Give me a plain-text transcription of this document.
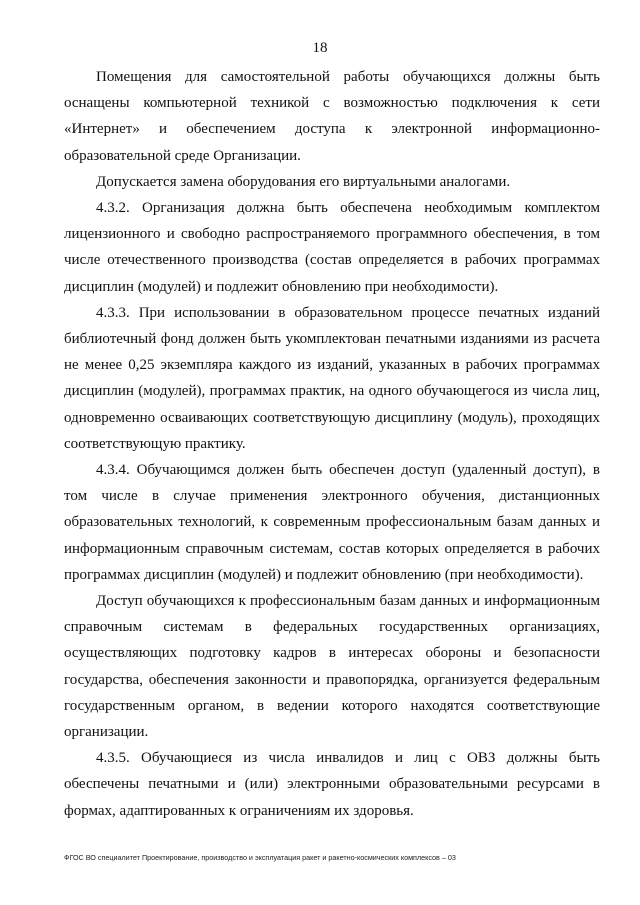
18

Помещения для самостоятельной работы обучающихся должны быть оснащены компьютерной техникой с возможностью подключения к сети «Интернет» и обеспечением доступа к электронной информационно-образовательной среде Организации.

Допускается замена оборудования его виртуальными аналогами.

4.3.2. Организация должна быть обеспечена необходимым комплектом лицензионного и свободно распространяемого программного обеспечения, в том числе отечественного производства (состав определяется в рабочих программах дисциплин (модулей) и подлежит обновлению при необходимости).

4.3.3. При использовании в образовательном процессе печатных изданий библиотечный фонд должен быть укомплектован печатными изданиями из расчета не менее 0,25 экземпляра каждого из изданий, указанных в рабочих программах дисциплин (модулей), программах практик, на одного обучающегося из числа лиц, одновременно осваивающих соответствующую дисциплину (модуль), проходящих соответствующую практику.

4.3.4. Обучающимся должен быть обеспечен доступ (удаленный доступ), в том числе в случае применения электронного обучения, дистанционных образовательных технологий, к современным профессиональным базам данных и информационным справочным системам, состав которых определяется в рабочих программах дисциплин (модулей) и подлежит обновлению (при необходимости).

Доступ обучающихся к профессиональным базам данных и информационным справочным системам в федеральных государственных организациях, осуществляющих подготовку кадров в интересах обороны и безопасности государства, обеспечения законности и правопорядка, организуется федеральным государственным органом, в ведении которого находятся соответствующие организации.

4.3.5. Обучающиеся из числа инвалидов и лиц с ОВЗ должны быть обеспечены печатными и (или) электронными образовательными ресурсами в формах, адаптированных к ограничениям их здоровья.

ФГОС ВО специалитет Проектирование, производство и эксплуатация ракет и ракетно-космических комплексов – 03
